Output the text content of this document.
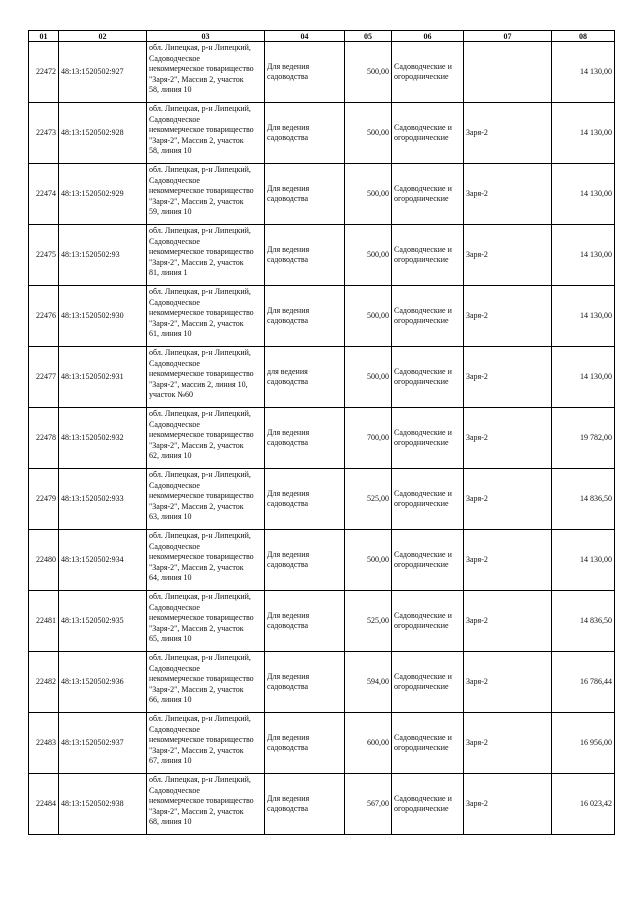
01	02	03	04	05	06	07	08
22472	48:13:1520502:927	обл. Липецкая, р-н Липецкий,
Садоводческое
некоммерческое товарищество
"Заря-2", Массив 2, участок
58, линия 10	Для ведения садоводства	500,00	Садоводческие и огороднические		14 130,00
22473	48:13:1520502:928	обл. Липецкая, р-н Липецкий,
Садоводческое
некоммерческое товарищество
"Заря-2", Массив 2, участок
58, линия 10	Для ведения садоводства	500,00	Садоводческие и огороднические	Заря-2	14 130,00
22474	48:13:1520502:929	обл. Липецкая, р-н Липецкий,
Садоводческое
некоммерческое товарищество
"Заря-2", Массив 2, участок
59, линия 10	Для ведения садоводства	500,00	Садоводческие и огороднические	Заря-2	14 130,00
22475	48:13:1520502:93	обл. Липецкая, р-н Липецкий,
Садоводческое
некоммерческое товарищество
"Заря-2", Массив 2, участок
81, линия 1	Для ведения садоводства	500,00	Садоводческие и огороднические	Заря-2	14 130,00
22476	48:13:1520502:930	обл. Липецкая, р-н Липецкий,
Садоводческое
некоммерческое товарищество
"Заря-2", Массив 2, участок
61, линия 10	Для ведения садоводства	500,00	Садоводческие и огороднические	Заря-2	14 130,00
22477	48:13:1520502:931	обл. Липецкая, р-н Липецкий,
Садоводческое
некоммерческое товарищество
"Заря-2", массив 2, линия 10,
участок №60	для ведения садоводства	500,00	Садоводческие и огороднические	Заря-2	14 130,00
22478	48:13:1520502:932	обл. Липецкая, р-н Липецкий,
Садоводческое
некоммерческое товарищество
"Заря-2", Массив 2, участок
62, линия 10	Для ведения садоводства	700,00	Садоводческие и огороднические	Заря-2	19 782,00
22479	48:13:1520502:933	обл. Липецкая, р-н Липецкий,
Садоводческое
некоммерческое товарищество
"Заря-2", Массив 2, участок
63, линия 10	Для ведения садоводства	525,00	Садоводческие и огороднические	Заря-2	14 836,50
22480	48:13:1520502:934	обл. Липецкая, р-н Липецкий,
Садоводческое
некоммерческое товарищество
"Заря-2", Массив 2, участок
64, линия 10	Для ведения садоводства	500,00	Садоводческие и огороднические	Заря-2	14 130,00
22481	48:13:1520502:935	обл. Липецкая, р-н Липецкий,
Садоводческое
некоммерческое товарищество
"Заря-2", Массив 2, участок
65, линия 10	Для ведения садоводства	525,00	Садоводческие и огороднические	Заря-2	14 836,50
22482	48:13:1520502:936	обл. Липецкая, р-н Липецкий,
Садоводческое
некоммерческое товарищество
"Заря-2", Массив 2, участок
66, линия 10	Для ведения садоводства	594,00	Садоводческие и огороднические	Заря-2	16 786,44
22483	48:13:1520502:937	обл. Липецкая, р-н Липецкий,
Садоводческое
некоммерческое товарищество
"Заря-2", Массив 2, участок
67, линия 10	Для ведения садоводства	600,00	Садоводческие и огороднические	Заря-2	16 956,00
22484	48:13:1520502:938	обл. Липецкая, р-н Липецкий,
Садоводческое
некоммерческое товарищество
"Заря-2", Массив 2, участок
68, линия 10	Для ведения садоводства	567,00	Садоводческие и огороднические	Заря-2	16 023,42
